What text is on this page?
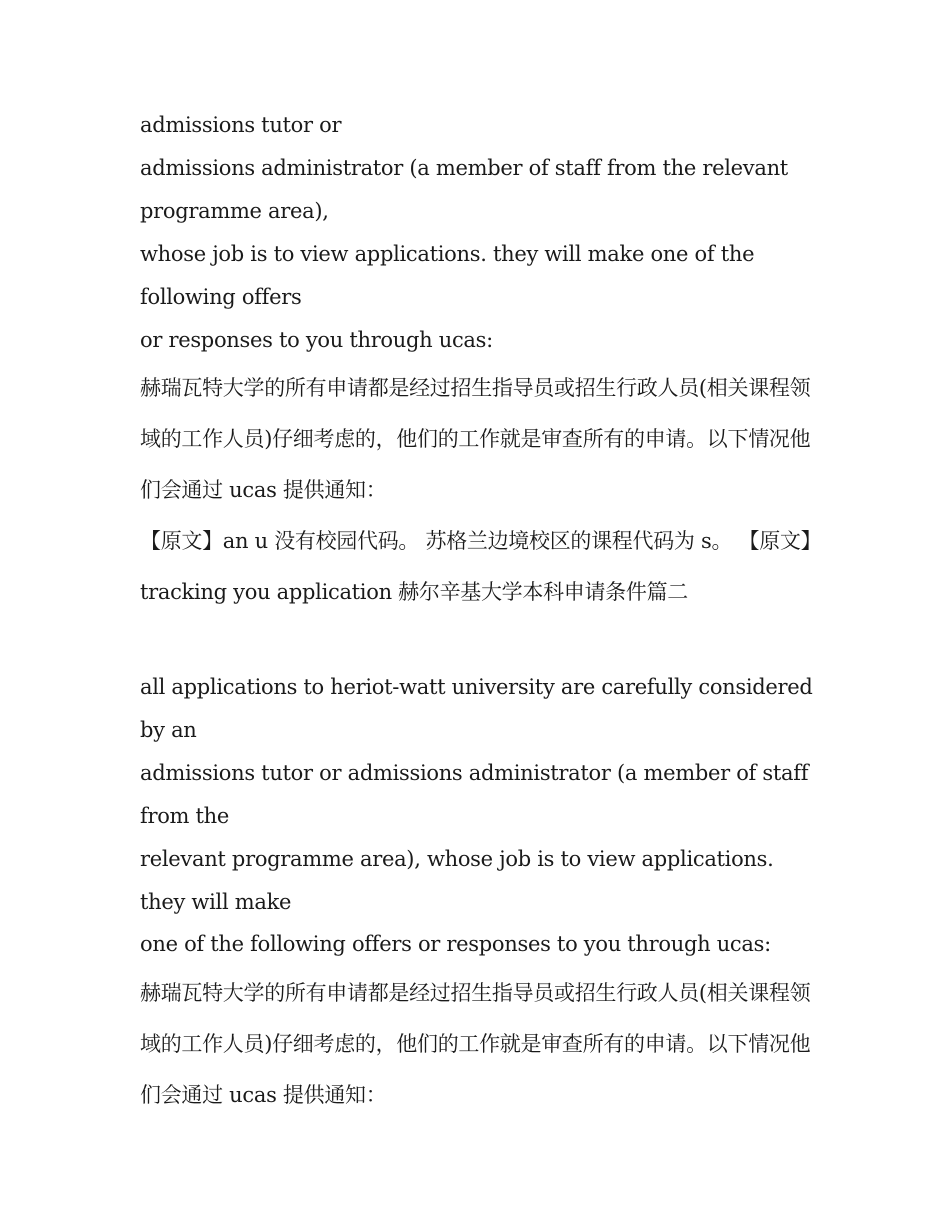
admissions tutor or

admissions administrator (a member of staff from the relevant programme area),

whose job is to view applications. they will make one of the following offers

or responses to you through ucas:

赫瑞瓦特大学的所有申请都是经过招生指导员或招生行政人员(相关课程领域的工作人员)仔细考虑的，他们的工作就是审查所有的申请。以下情况他们会通过 ucas 提供通知：

【原文】an u 没有校园代码。 苏格兰边境校区的课程代码为 s。 【原文】tracking you application 赫尔辛基大学本科申请条件篇二

all applications to heriot-watt university are carefully considered by an

admissions tutor or admissions administrator (a member of staff from the

relevant programme area), whose job is to view applications. they will make

one of the following offers or responses to you through ucas:

赫瑞瓦特大学的所有申请都是经过招生指导员或招生行政人员(相关课程领域的工作人员)仔细考虑的，他们的工作就是审查所有的申请。以下情况他们会通过 ucas 提供通知：
